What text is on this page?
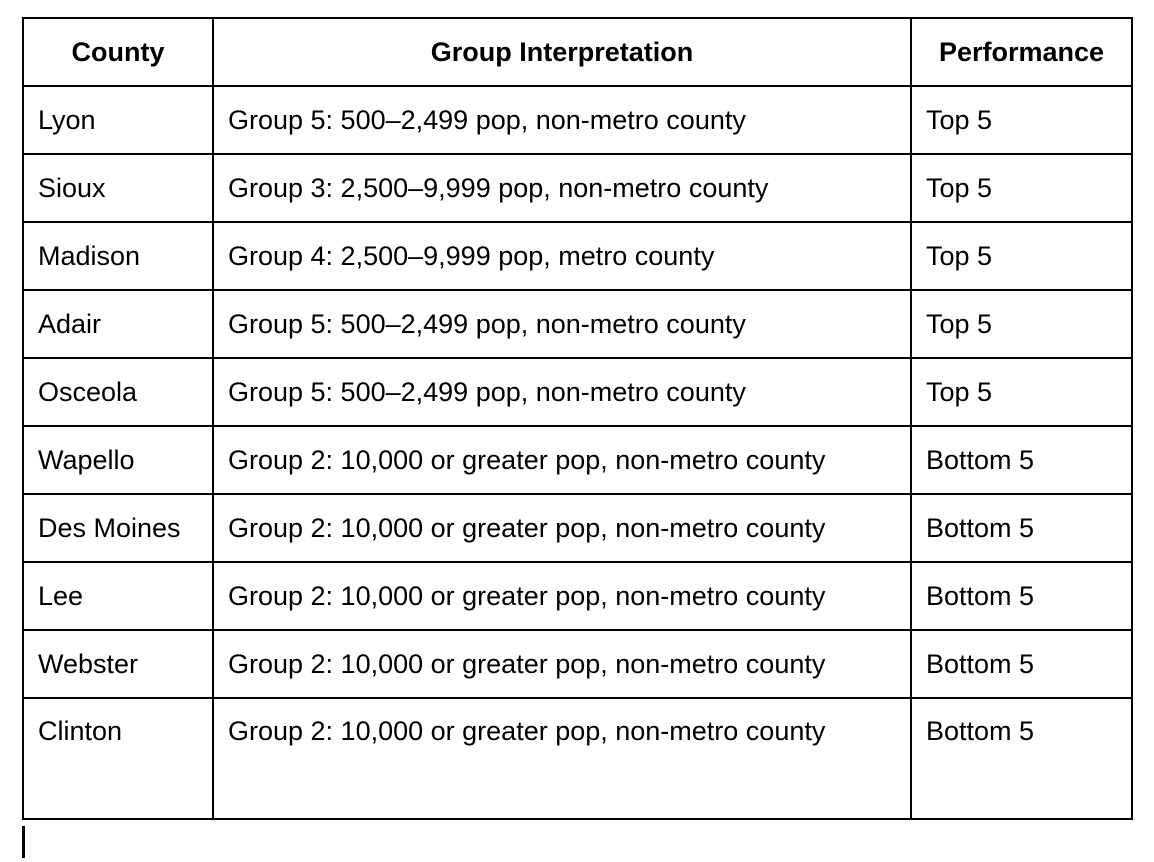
County	Group Interpretation	Performance
Lyon	Group 5: 500–2,499 pop, non-metro county	Top 5
Sioux	Group 3: 2,500–9,999 pop, non-metro county	Top 5
Madison	Group 4: 2,500–9,999 pop, metro county	Top 5
Adair	Group 5: 500–2,499 pop, non-metro county	Top 5
Osceola	Group 5: 500–2,499 pop, non-metro county	Top 5
Wapello	Group 2: 10,000 or greater pop, non-metro county	Bottom 5
Des Moines	Group 2: 10,000 or greater pop, non-metro county	Bottom 5
Lee	Group 2: 10,000 or greater pop, non-metro county	Bottom 5
Webster	Group 2: 10,000 or greater pop, non-metro county	Bottom 5
Clinton	Group 2: 10,000 or greater pop, non-metro county	Bottom 5
